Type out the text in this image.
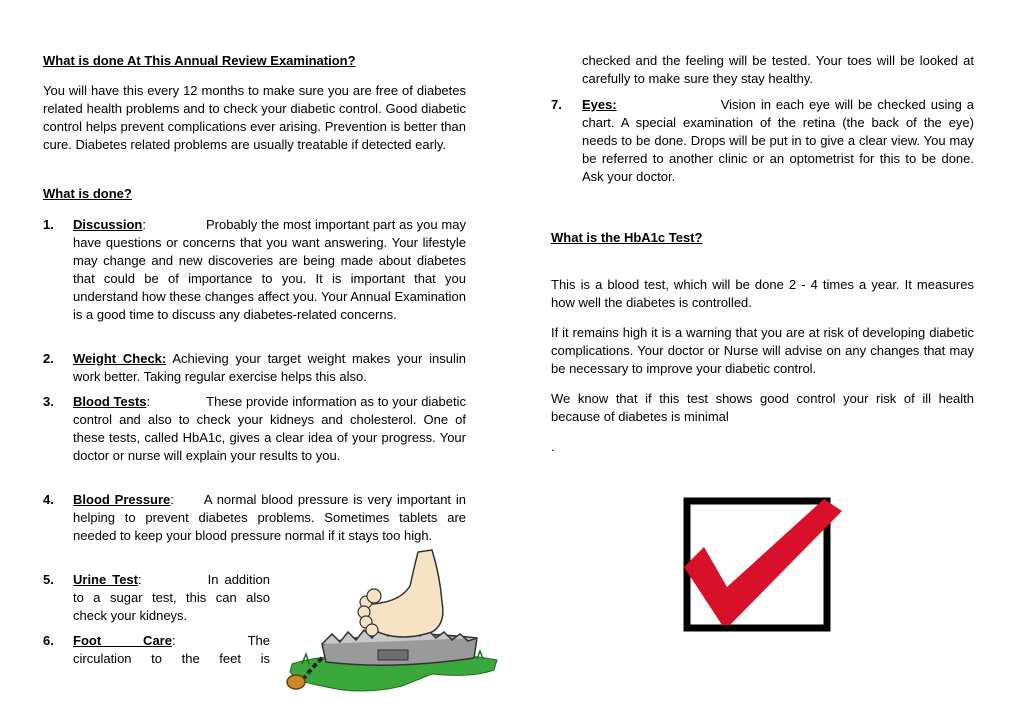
What is done At This Annual Review Examination?
You will have this every 12 months to make sure you are free of diabetes related health problems and to check your diabetic control. Good diabetic control helps prevent complications ever arising. Prevention is better than cure. Diabetes related problems are usually treatable if detected early.
What is done?
1. Discussion:	Probably the most important part as you may have questions or concerns that you want answering. Your lifestyle may change and new discoveries are being made about diabetes that could be of importance to you. It is important that you understand how these changes affect you. Your Annual Examination is a good time to discuss any diabetes-related concerns.
2. Weight Check: Achieving your target weight makes your insulin work better. Taking regular exercise helps this also.
3. Blood Tests:	These provide information as to your diabetic control and also to check your kidneys and cholesterol. One of these tests, called HbA1c, gives a clear idea of your progress. Your doctor or nurse will explain your results to you.
4. Blood Pressure: A normal blood pressure is very important in helping to prevent diabetes problems. Sometimes tablets are needed to keep your blood pressure normal if it stays too high.
5. Urine Test:	In addition to a sugar test, this can also check your kidneys.
6. Foot Care:	The circulation to the feet is
checked and the feeling will be tested. Your toes will be looked at carefully to make sure they stay healthy.
7. Eyes:	Vision in each eye will be checked using a chart. A special examination of the retina (the back of the eye) needs to be done. Drops will be put in to give a clear view. You may be referred to another clinic or an optometrist for this to be done. Ask your doctor.
What is the HbA1c Test?
This is a blood test, which will be done 2 - 4 times a year. It measures how well the diabetes is controlled.
If it remains high it is a warning that you are at risk of developing diabetic complications. Your doctor or Nurse will advise on any changes that may be necessary to improve your diabetic control.
We know that if this test shows good control your risk of ill health because of diabetes is minimal
.
